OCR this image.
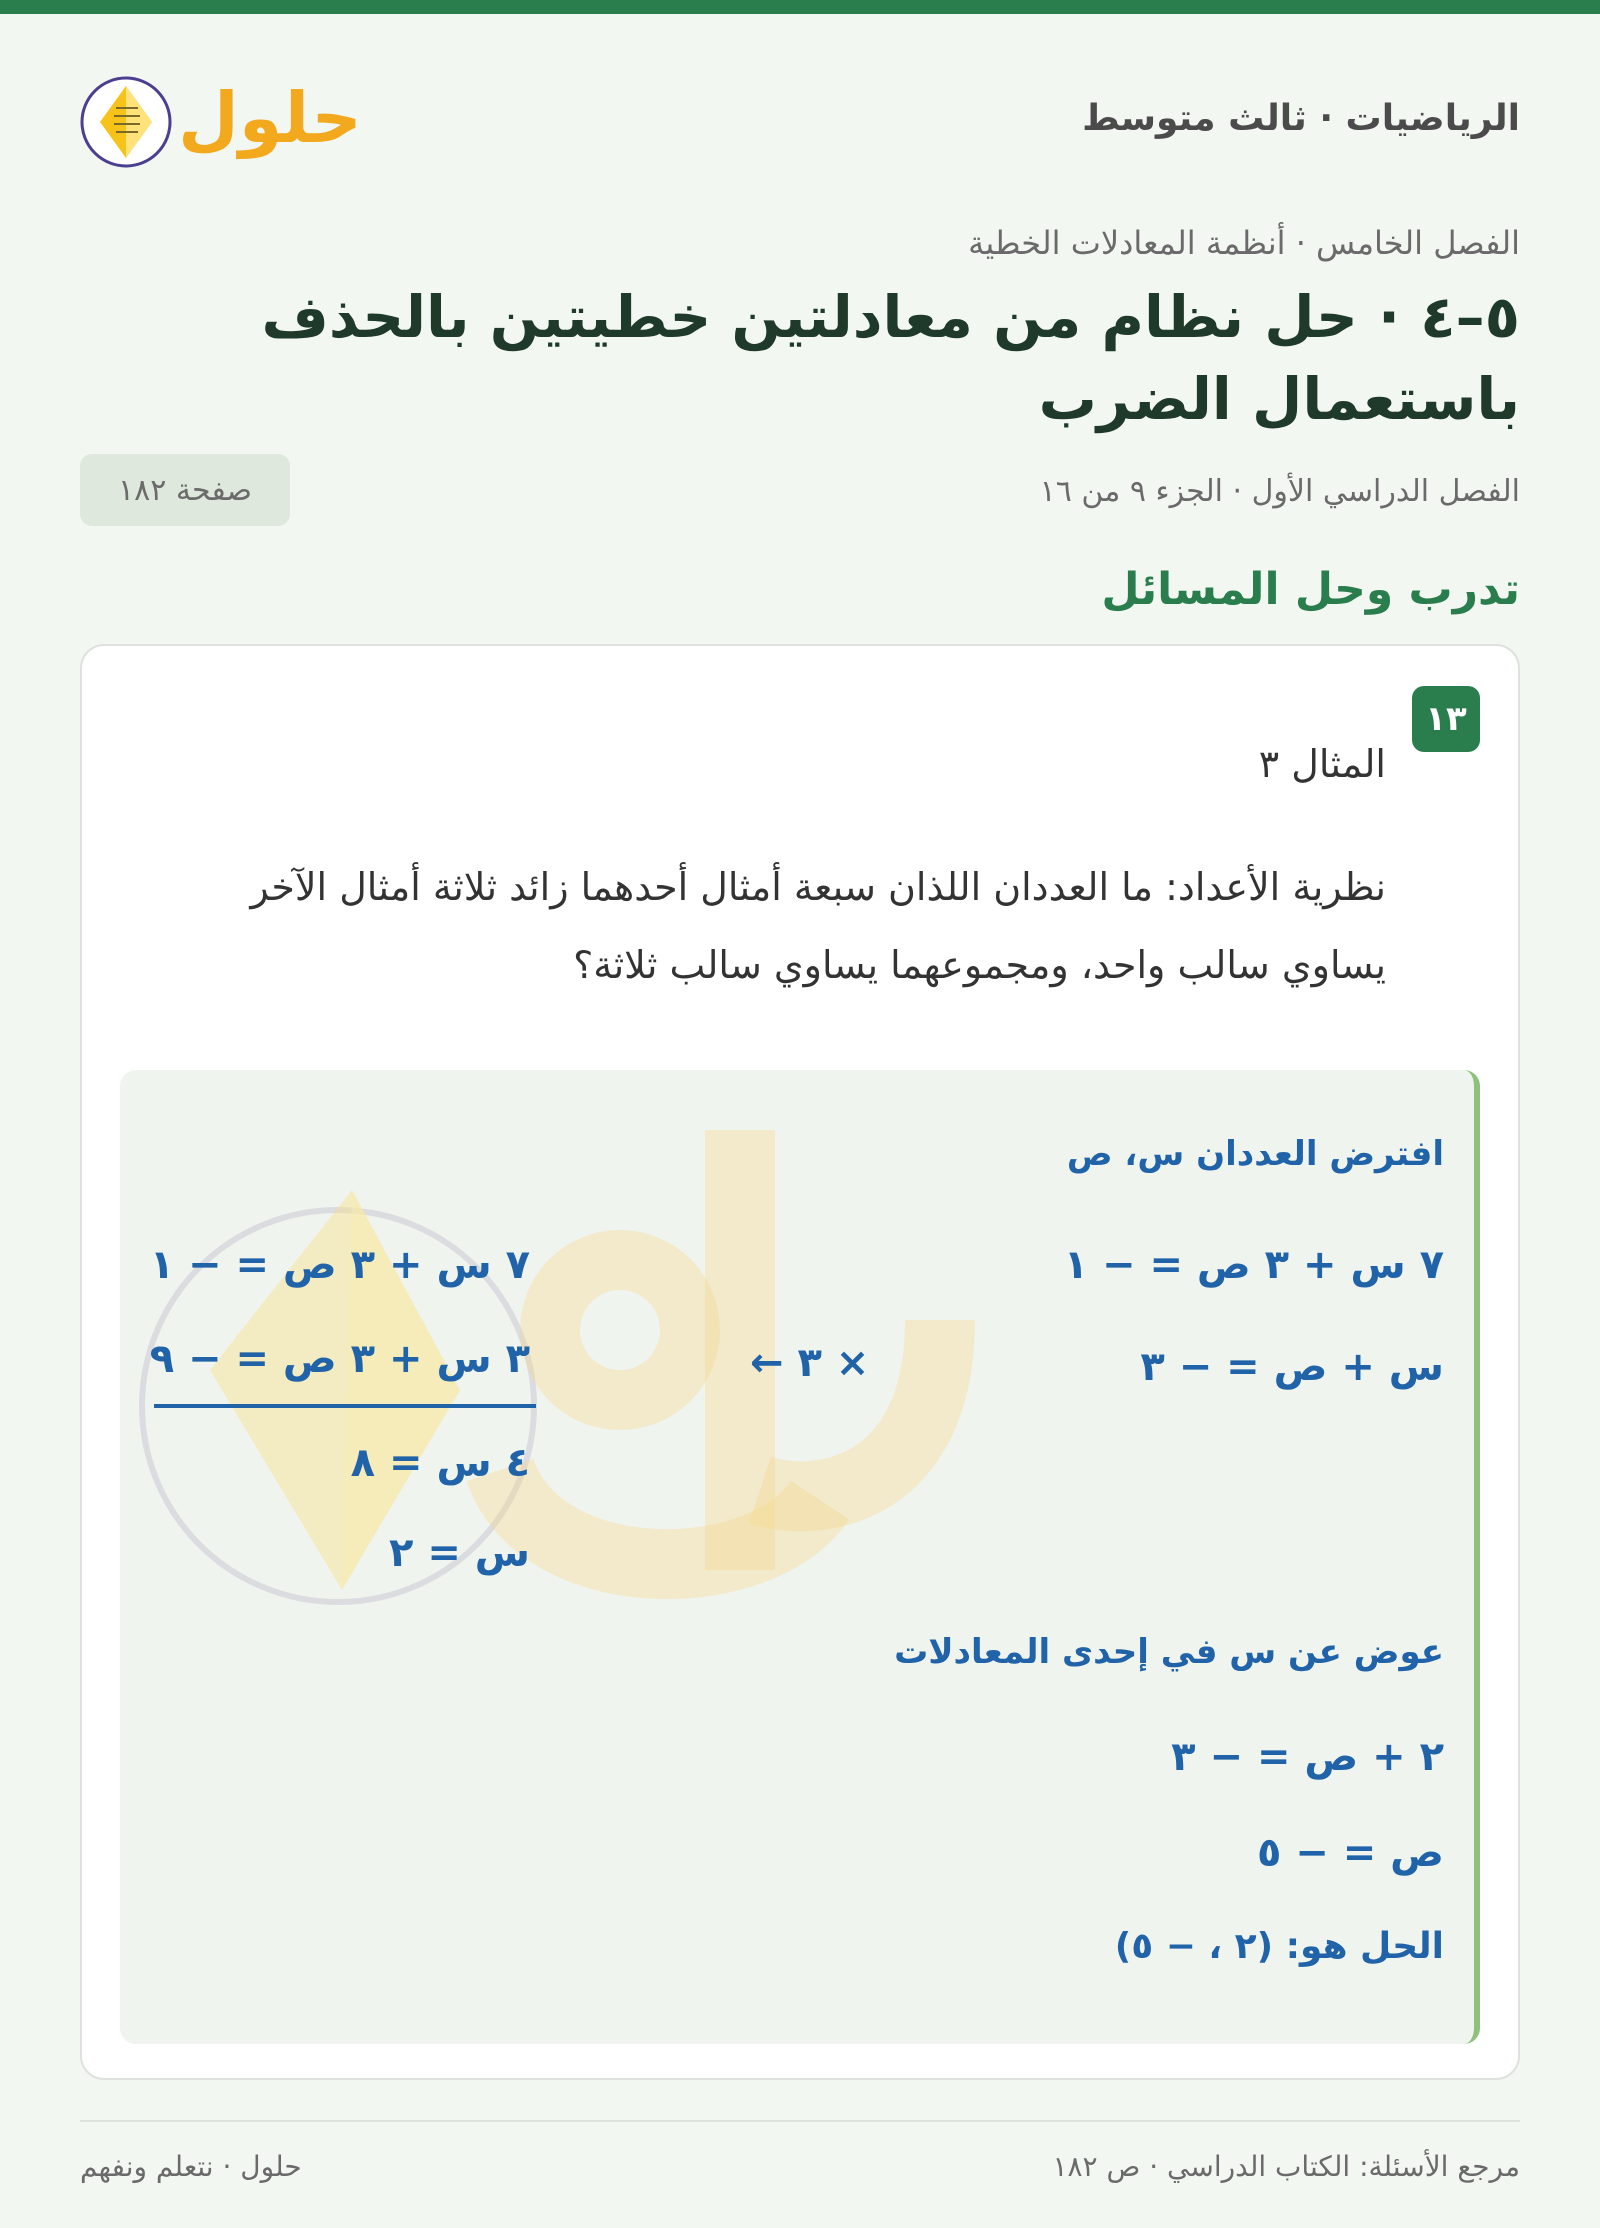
حلول	الرياضيات · ثالث متوسط
الفصل الخامس · أنظمة المعادلات الخطية
٥–٤ · حل نظام من معادلتين خطيتين بالحذف باستعمال الضرب
الفصل الدراسي الأول · الجزء ٩ من ١٦
صفحة ١٨٢
تدرب وحل المسائل
١٣
المثال ٣
نظرية الأعداد: ما العددان اللذان سبعة أمثال أحدهما زائد ثلاثة أمثال الآخر يساوي سالب واحد، ومجموعهما يساوي سالب ثلاثة؟
افترض العددان س، ص
٧ س + ٣ ص = − ١
س + ص = − ٣
× ٣ ←
٧ س + ٣ ص = − ١
٣ س + ٣ ص = − ٩
٤ س = ٨
س = ٢
عوض عن س في إحدى المعادلات
٢ + ص = − ٣
ص = − ٥
الحل هو: (٢ ، − ٥)
مرجع الأسئلة: الكتاب الدراسي · ص ١٨٢
حلول · نتعلم ونفهم
